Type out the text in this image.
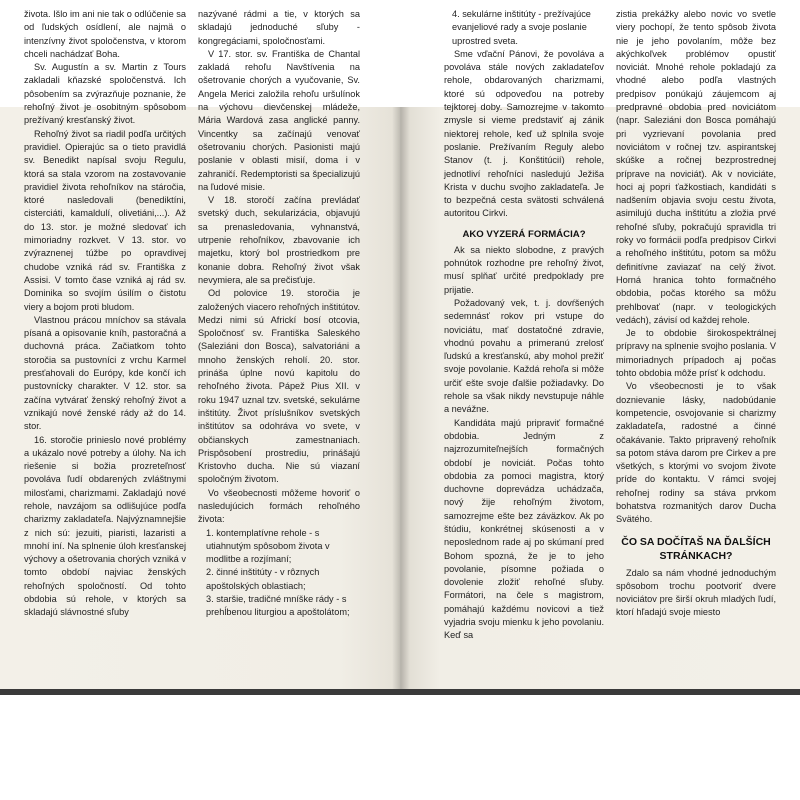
života. Išlo im ani nie tak o odlúčenie sa od ľudských osídlení, ale najmä o intenzívny život spoločenstva, v ktorom chceli nachádzať Boha.

Sv. Augustín a sv. Martin z Tours zakladali kňazské spoločenstvá. Ich pôsobením sa zvýrazňuje poznanie, že rehoľný život je osobitným spôsobom prežívaný kresťanský život.

Rehoľný život sa riadil podľa určitých pravidiel. Opierajúc sa o tieto pravidlá sv. Benedikt napísal svoju Regulu, ktorá sa stala vzorom na zostavovanie pravidiel života rehoľníkov na stáročia, ktoré nasledovali (benediktíni, cisterciáti, kamaldulí, olivetiáni,...). Až do 13. stor. je možné sledovať ich mimoriadny rozkvet. V 13. stor. vo zvýraznenej túžbe po opravdivej chudobe vzniká rád sv. Františka z Assisi. V tomto čase vzniká aj rád sv. Dominika so svojím úsilím o čistotu viery a bojom proti bludom.

Vlastnou prácou mníchov sa stávala písaná a opisovanie kníh, pastoračná a duchovná práca. Začiatkom tohto storočia sa pustovníci z vrchu Karmel presťahovali do Európy, kde končí ich pustovnícky charakter. V 12. stor. sa začína vytvárať ženský rehoľný život a vznikajú nové ženské rády až do 14. stor.

16. storočie prinieslo nové problémy a ukázalo nové potreby a úlohy. Na ich riešenie si božia prozreteľnosť povoláva ľudí obdarených zvláštnymi milosťami, charizmami. Zakladajú nové rehole, navzájom sa odlišujúce podľa charizmy zakladateľa. Najvýznamnejšie z nich sú: jezuiti, piaristi, lazaristi a mnohí iní. Na splnenie úloh kresťanskej výchovy a ošetrovania chorých vzniká v tomto období najviac ženských rehoľných spoločností. Od tohto obdobia sú rehole, v ktorých sa skladajú slávnostné sľuby

nazývané rádmi a tie, v ktorých sa skladajú jednoduché sľuby - kongregáciami, spoločnosťami.

V 17. stor. sv. Františka de Chantal zakladá rehoľu Navštívenia na ošetrovanie chorých a vyučovanie, Sv. Angela Merici založila rehoľu uršulínok na výchovu dievčenskej mládeže, Mária Wardová zasa anglické panny. Vincentky sa začínajú venovať ošetrovaniu chorých. Pasionisti majú poslanie v oblasti misií, doma i v zahraničí. Redemptoristi sa špecializujú na ľudové misie.

V 18. storočí začína prevládať svetský duch, sekularizácia, objavujú sa prenasledovania, vyhnanstvá, utrpenie rehoľníkov, zbavovanie ich majetku, ktorý bol prostriedkom pre konanie dobra. Rehoľný život však nevymiera, ale sa prečisťuje.

Od polovice 19. storočia je založených viacero rehoľných inštitútov. Medzi nimi sú Africkí bosí otcovia, Spoločnosť sv. Františka Saleského (Saleziáni don Bosca), salvatoriáni a mnoho ženských reholí. 20. stor. prináša úplne novú kapitolu do rehoľného života. Pápež Pius XII. v roku 1947 uznal tzv. svetské, sekulárne inštitúty. Život príslušníkov svetských inštitútov sa odohráva vo svete, v občianskych zamestnaniach. Prispôsobení prostrediu, prinášajú Kristovho ducha. Nie sú viazaní spoločným životom.

Vo všeobecnosti môžeme hovoriť o nasledujúcich formách rehoľného života:

1. kontemplatívne rehole - s utiahnutým spôsobom života v modlitbe a rozjímaní;

2. činné inštitúty - v rôznych apoštolských oblastiach;

3. staršie, tradičné mníške rády - s prehĺbenou liturgiou a apoštolátom;

4. sekulárne inštitúty - prežívajúce evanjeliové rady a svoje poslanie uprostred sveta.

Sme vďační Pánovi, že povoláva a povoláva stále nových zakladateľov rehole, obdarovaných charizmami, ktoré sú odpoveďou na potreby tejktorej doby. Samozrejme v takomto zmysle si vieme predstaviť aj zánik niektorej rehole, keď už splnila svoje poslanie. Prežívaním Reguly alebo Stanov (t. j. Konštitúcií) rehole, jednotliví rehoľníci nasledujú Ježiša Krista v duchu svojho zakladateľa. Je to bezpečná cesta svätosti schválená autoritou Cirkvi.

AKO VYZERÁ FORMÁCIA?

Ak sa niekto slobodne, z pravých pohnútok rozhodne pre rehoľný život, musí splňať určité predpoklady pre prijatie.

Požadovaný vek, t. j. dovŕšených sedemnásť rokov pri vstupe do noviciátu, mať dostatočné zdravie, vhodnú povahu a primeranú zrelosť ľudskú a kresťanskú, aby mohol prežiť svoje povolanie. Každá rehoľa si môže určiť ešte svoje ďalšie požiadavky. Do rehole sa však nikdy nevstupuje náhle a nevážne.

Kandidáta majú pripraviť formačné obdobia. Jedným z najzrozumiteľnejších formačných období je noviciát. Počas tohto obdobia za pomoci magistra, ktorý duchovne doprevádza uchádzača, nový žije rehoľným životom, samozrejme ešte bez záväzkov. Ak po štúdiu, konkrétnej skúsenosti a v neposlednom rade aj po skúmaní pred Bohom spozná, že je to jeho povolanie, písomne požiada o dovolenie zložiť rehoľné sľuby. Formátori, na čele s magistrom, pomáhajú každému novicovi a tiež vyjadria svoju mienku k jeho povolaniu. Keď sa

zistia prekážky alebo novic vo svetle viery pochopí, že tento spôsob života nie je jeho povolaním, môže bez akýchkoľvek problémov opustiť noviciát. Mnohé rehole pokladajú za vhodné alebo podľa vlastných predpisov ponúkajú záujemcom aj predpravné obdobia pred noviciátom (napr. Saleziáni don Bosca pomáhajú pri vyzrievaní povolania pred noviciátom v ročnej tzv. aspirantskej skúške a ročnej bezprostrednej príprave na noviciát). Ak v noviciáte, hoci aj popri ťažkostiach, kandidáti s nadšením objavia svoju cestu života, asimilujú ducha inštitútu a zložia prvé rehoľné sľuby, pokračujú spravidla tri roky vo formácii podľa predpisov Cirkvi a rehoľného inštitútu, potom sa môžu definitívne zaviazať na celý život. Horná hranica tohto formačného obdobia, počas ktorého sa môžu prehlbovať (napr. v teologických vedách), závisí od každej rehole.

Je to obdobie širokospektrálnej prípravy na splnenie svojho poslania. V mimoriadnych prípadoch aj počas tohto obdobia môže prísť k odchodu.

Vo všeobecnosti je to však doznievanie lásky, nadobúdanie kompetencie, osvojovanie si charizmy zakladateľa, radostné a činné očakávanie. Takto pripravený rehoľník sa potom stáva darom pre Cirkev a pre všetkých, s ktorými vo svojom živote príde do kontaktu. V rámci svojej rehoľnej rodiny sa stáva prvkom bohatstva rozmanitých darov Ducha Svätého.

ČO SA DOČÍTAŠ NA ĎALŠÍCH STRÁNKACH?

Zdalo sa nám vhodné jednoduchým spôsobom trochu pootvoriť dvere noviciátov pre širší okruh mladých ľudí, ktorí hľadajú svoje miesto
